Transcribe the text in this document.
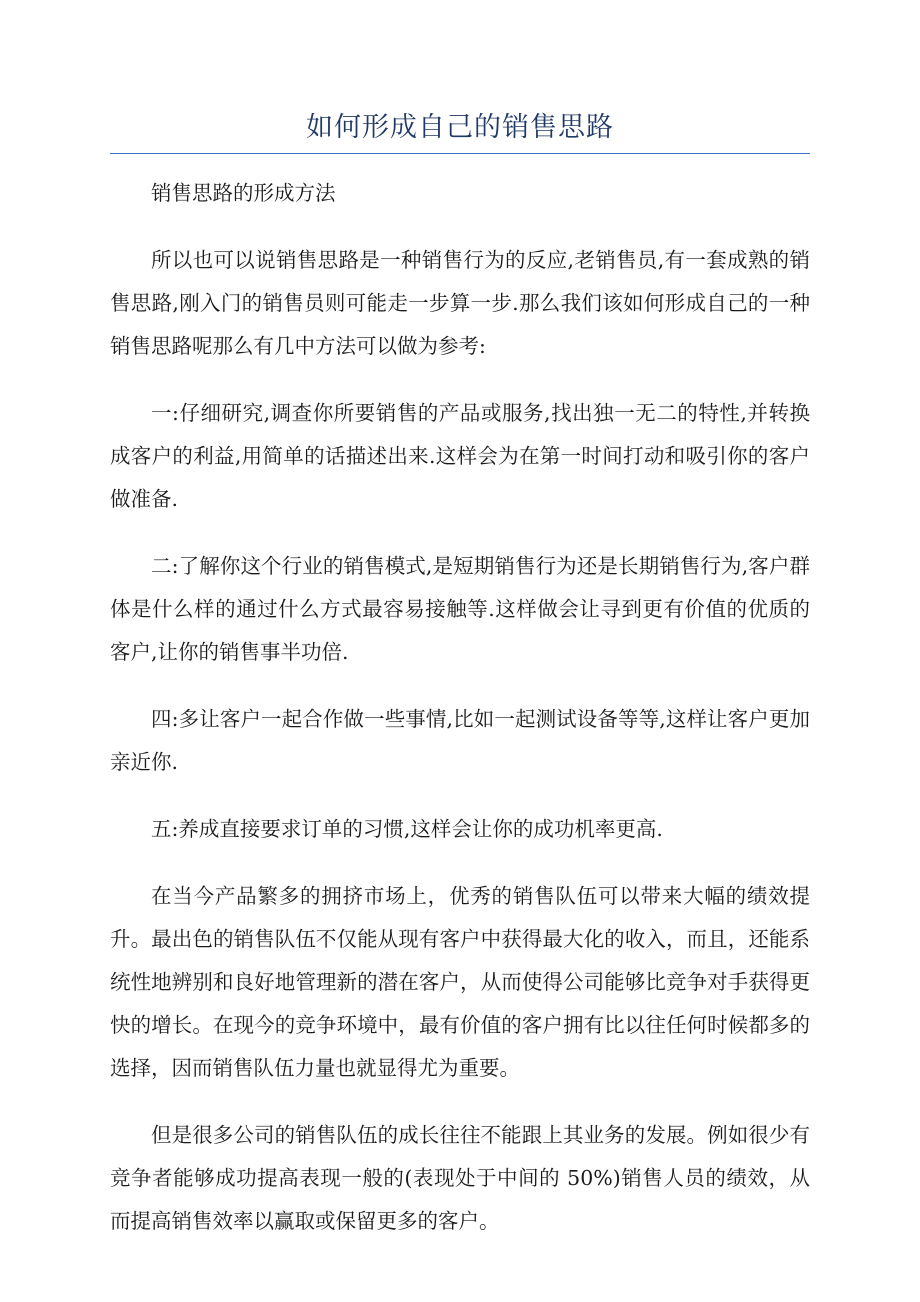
如何形成自己的销售思路

销售思路的形成方法

所以也可以说销售思路是一种销售行为的反应,老销售员,有一套成熟的销售思路,刚入门的销售员则可能走一步算一步.那么我们该如何形成自己的一种销售思路呢那么有几中方法可以做为参考:

一:仔细研究,调查你所要销售的产品或服务,找出独一无二的特性,并转换成客户的利益,用简单的话描述出来.这样会为在第一时间打动和吸引你的客户做准备.

二:了解你这个行业的销售模式,是短期销售行为还是长期销售行为,客户群体是什么样的通过什么方式最容易接触等.这样做会让寻到更有价值的优质的客户,让你的销售事半功倍.

四:多让客户一起合作做一些事情,比如一起测试设备等等,这样让客户更加亲近你.

五:养成直接要求订单的习惯,这样会让你的成功机率更高.

在当今产品繁多的拥挤市场上，优秀的销售队伍可以带来大幅的绩效提升。最出色的销售队伍不仅能从现有客户中获得最大化的收入，而且，还能系统性地辨别和良好地管理新的潜在客户，从而使得公司能够比竞争对手获得更快的增长。在现今的竞争环境中，最有价值的客户拥有比以往任何时候都多的选择，因而销售队伍力量也就显得尤为重要。

但是很多公司的销售队伍的成长往往不能跟上其业务的发展。例如很少有竞争者能够成功提高表现一般的(表现处于中间的 50%)销售人员的绩效，从而提高销售效率以赢取或保留更多的客户。
